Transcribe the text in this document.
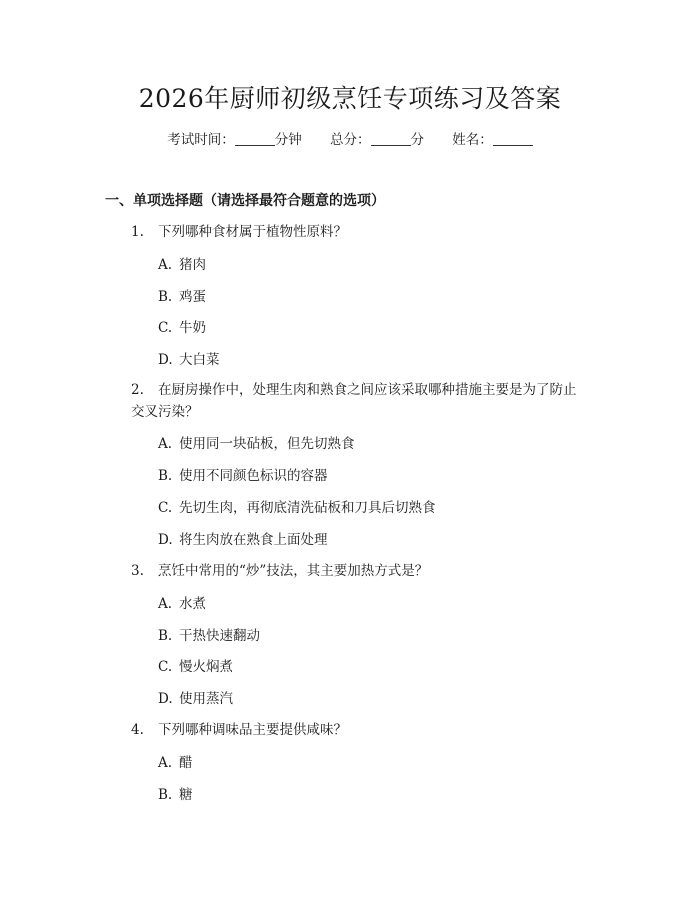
2026年厨师初级烹饪专项练习及答案
考试时间：	分钟 总分：	分 姓名：
一、单项选择题（请选择最符合题意的选项）
1. 下列哪种食材属于植物性原料？
A. 猪肉
B. 鸡蛋
C. 牛奶
D. 大白菜
2. 在厨房操作中，处理生肉和熟食之间应该采取哪种措施主要是为了防止交叉污染？
A. 使用同一块砧板，但先切熟食
B. 使用不同颜色标识的容器
C. 先切生肉，再彻底清洗砧板和刀具后切熟食
D. 将生肉放在熟食上面处理
3. 烹饪中常用的“炒”技法，其主要加热方式是？
A. 水煮
B. 干热快速翻动
C. 慢火焖煮
D. 使用蒸汽
4. 下列哪种调味品主要提供咸味？
A. 醋
B. 糖
